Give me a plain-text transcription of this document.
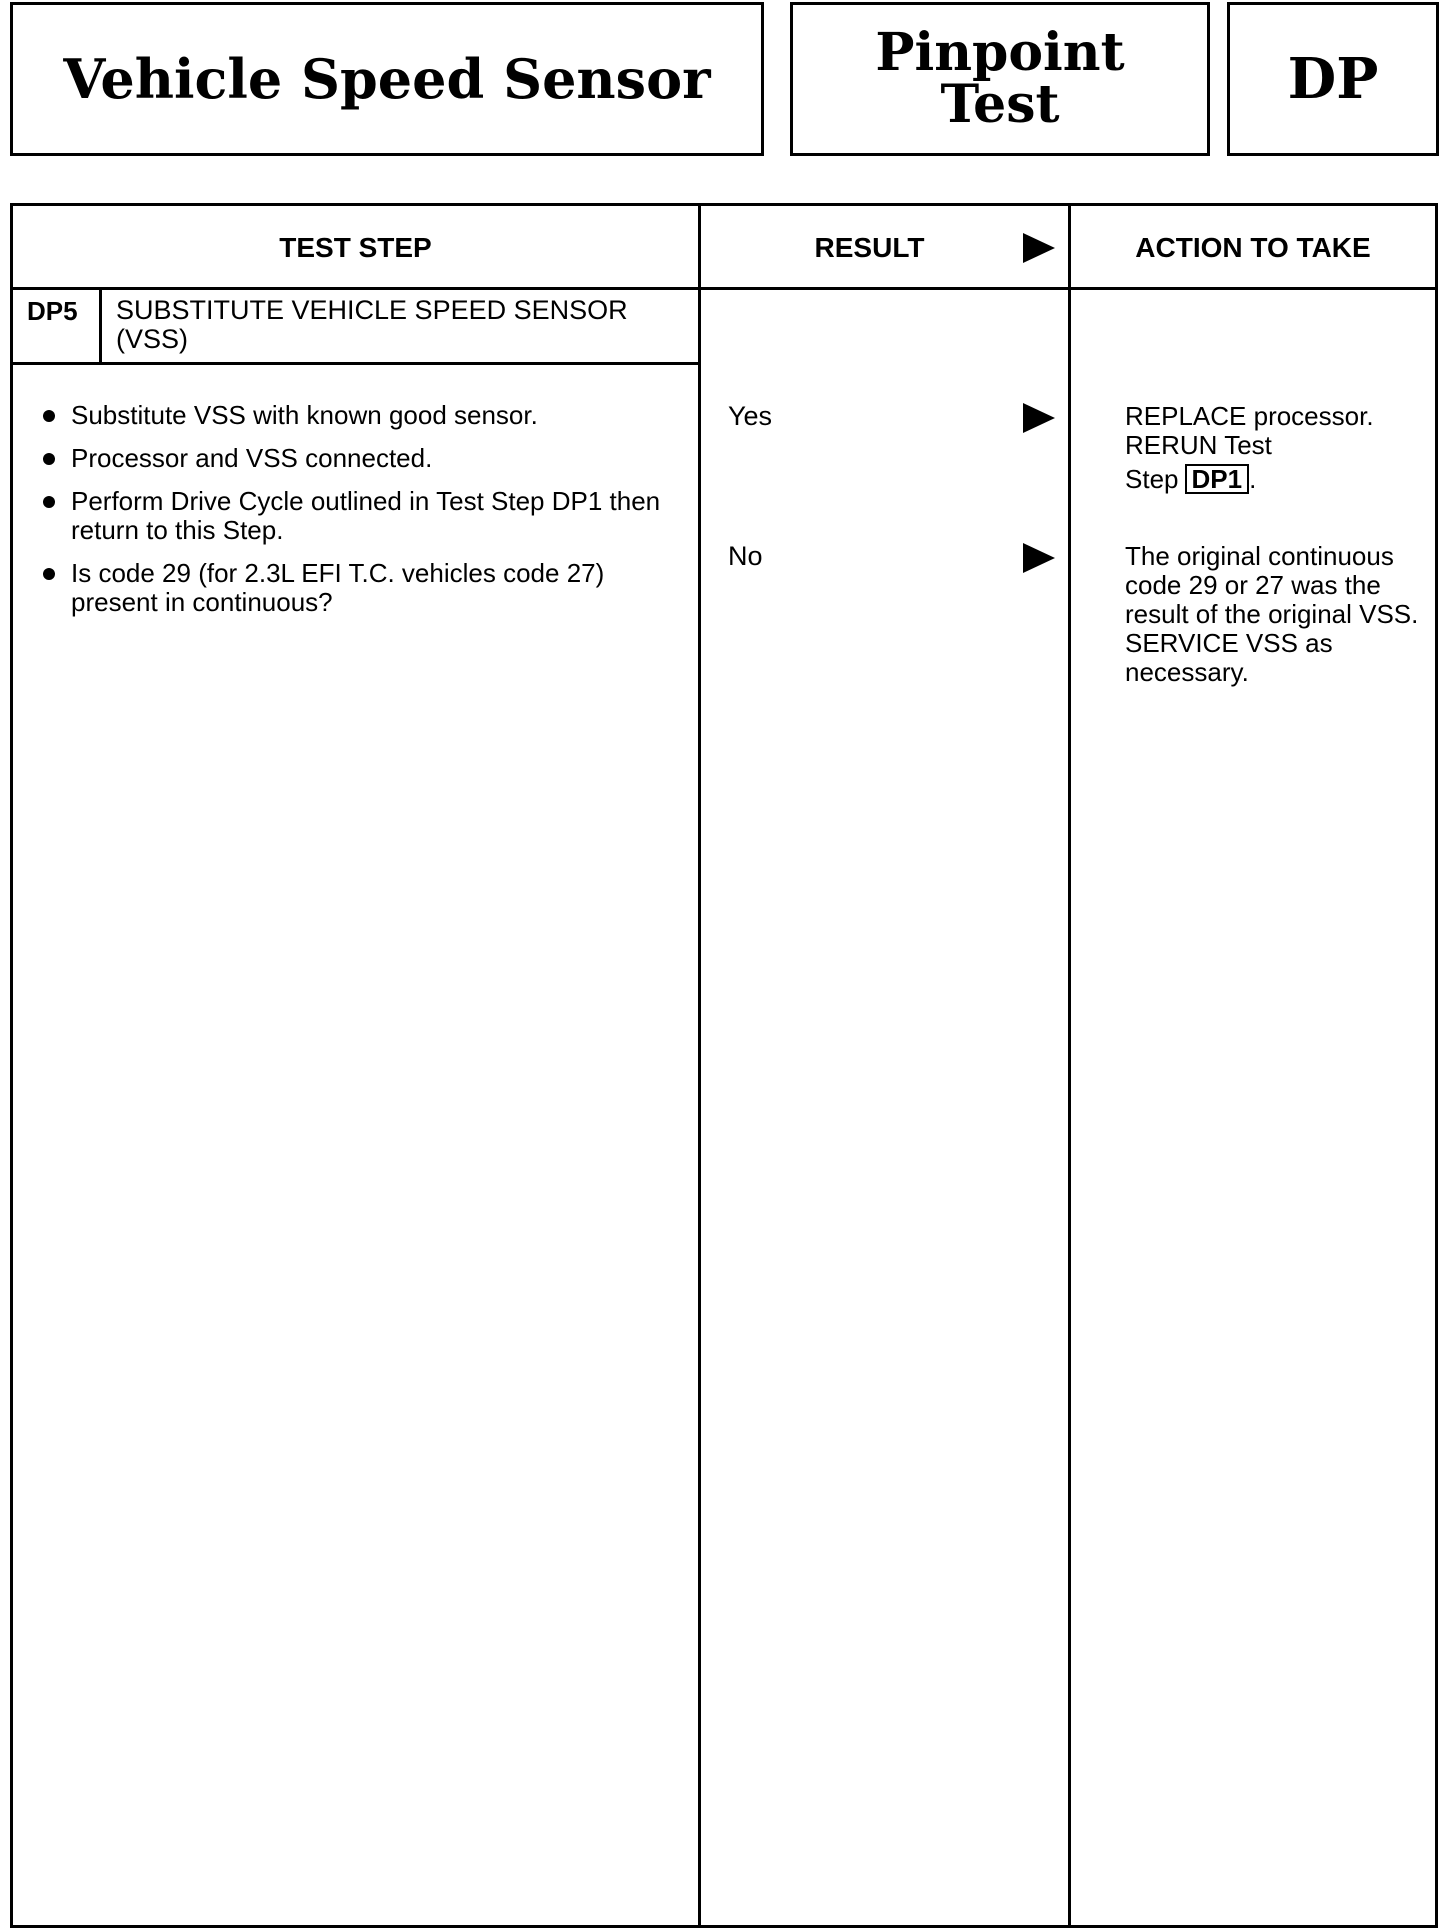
Vehicle Speed Sensor	Pinpoint
Test	DP
TEST STEP	RESULT	ACTION TO TAKE
DP5 SUBSTITUTE VEHICLE SPEED SENSOR (VSS)
Substitute VSS with known good sensor.
Processor and VSS connected.
Perform Drive Cycle outlined in Test Step DP1 then return to this Step.
Is code 29 (for 2.3L EFI T.C. vehicles code 27) present in continuous?
Yes	REPLACE processor.
RERUN Test
Step DP1 .
No	The original continuous code 29 or 27 was the result of the original VSS. SERVICE VSS as necessary.
